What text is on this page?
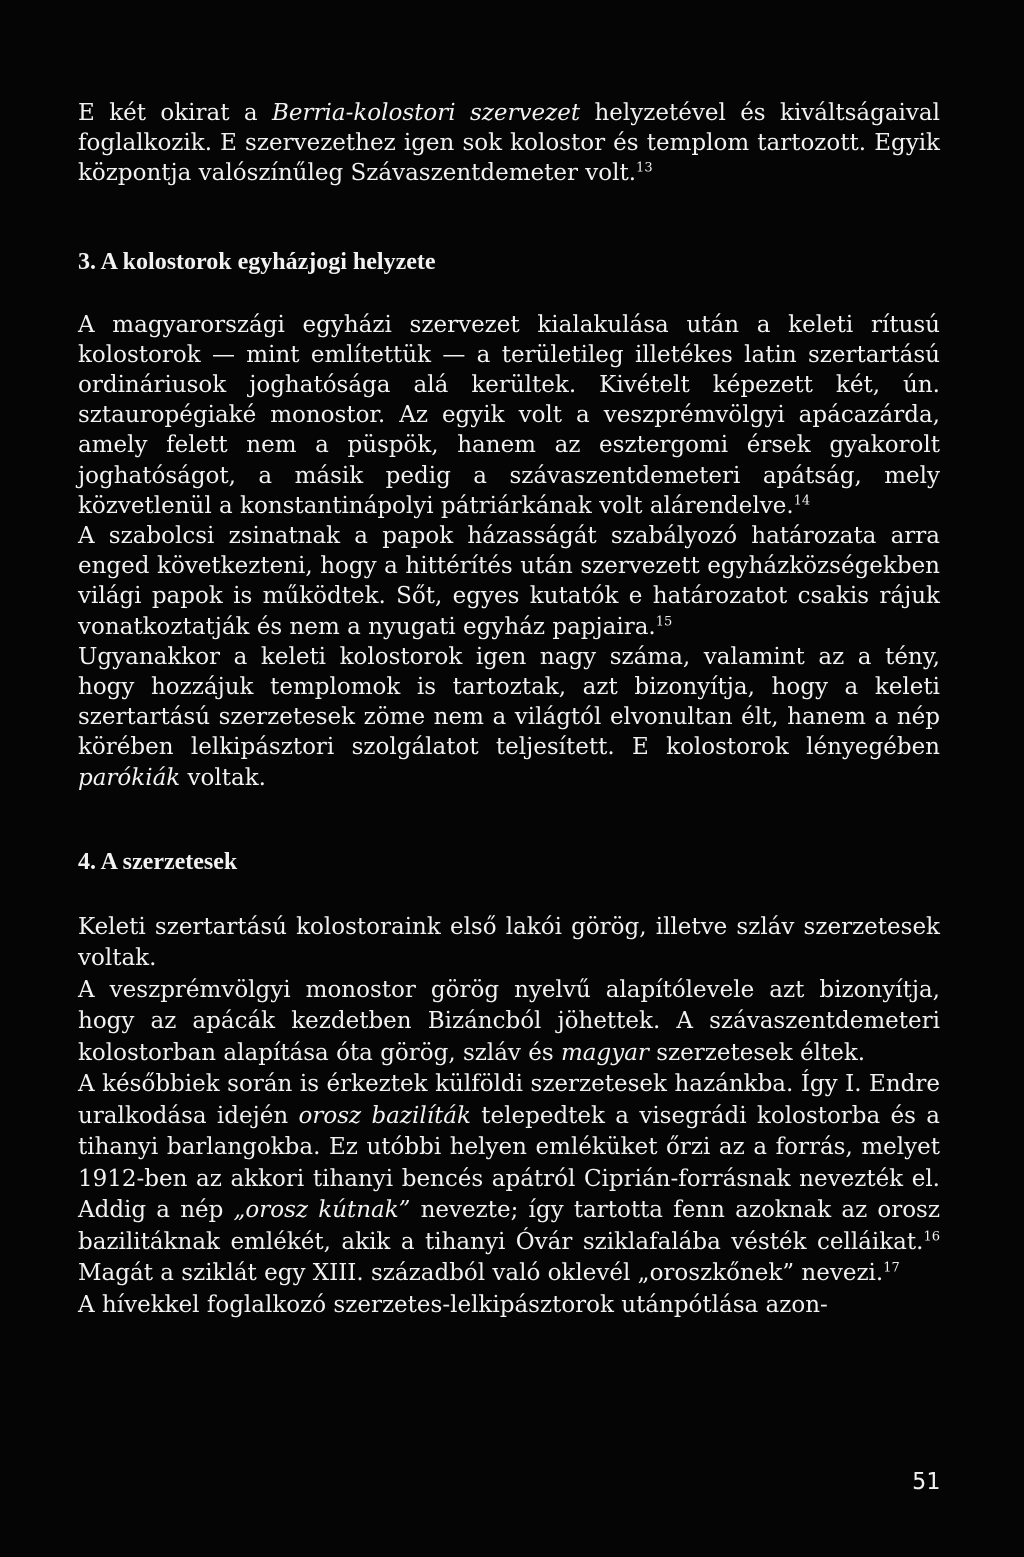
E két okirat a Berria-kolostori szervezet helyzetével és kiváltságaival foglalkozik. E szervezethez igen sok kolostor és templom tartozott. Egyik központja valószínűleg Szávaszentdemeter volt.$^{13}$

3. A kolostorok egyházjogi helyzete

A magyarországi egyházi szervezet kialakulása után a keleti rítusú kolostorok — mint említettük — a területileg illetékes latin szertartású ordináriusok joghatósága alá kerültek. Kivételt képezett két, ún. sztauropégiaké monostor. Az egyik volt a veszprémvölgyi apácazárda, amely felett nem a püspök, hanem az esztergomi érsek gyakorolt joghatóságot, a másik pedig a szávaszentdemeteri apátság, mely közvetlenül a konstantinápolyi pátriárkának volt alárendelve.$^{14}$

A szabolcsi zsinatnak a papok házasságát szabályozó határozata arra enged következteni, hogy a hittérítés után szervezett egyházközségekben világi papok is működtek. Sőt, egyes kutatók e határozatot csakis rájuk vonatkoztatják és nem a nyugati egyház papjaira.$^{15}$

Ugyanakkor a keleti kolostorok igen nagy száma, valamint az a tény, hogy hozzájuk templomok is tartoztak, azt bizonyítja, hogy a keleti szertartású szerzetesek zöme nem a világtól elvonultan élt, hanem a nép körében lelkipásztori szolgálatot teljesített. E kolostorok lényegében parókiák voltak.

4. A szerzetesek

Keleti szertartású kolostoraink első lakói görög, illetve szláv szerzetesek voltak.

A veszprémvölgyi monostor görög nyelvű alapítólevele azt bizonyítja, hogy az apácák kezdetben Bizáncból jöhettek. A szávaszentdemeteri kolostorban alapítása óta görög, szláv és magyar szerzetesek éltek.

A későbbiek során is érkeztek külföldi szerzetesek hazánkba. Így I. Endre uralkodása idején orosz bazilíták telepedtek a visegrádi kolostorba és a tihanyi barlangokba. Ez utóbbi helyen emléküket őrzi az a forrás, melyet 1912-ben az akkori tihanyi bencés apátról Ciprián-forrásnak nevezték el. Addig a nép „orosz kútnak” nevezte; így tartotta fenn azoknak az orosz bazilitáknak emlékét, akik a tihanyi Óvár sziklafalába vésték celláikat.$^{16}$ Magát a sziklát egy XIII. századból való oklevél „oroszkőnek” nevezi.$^{17}$

A hívekkel foglalkozó szerzetes-lelkipásztorok utánpótlása azon-

51
